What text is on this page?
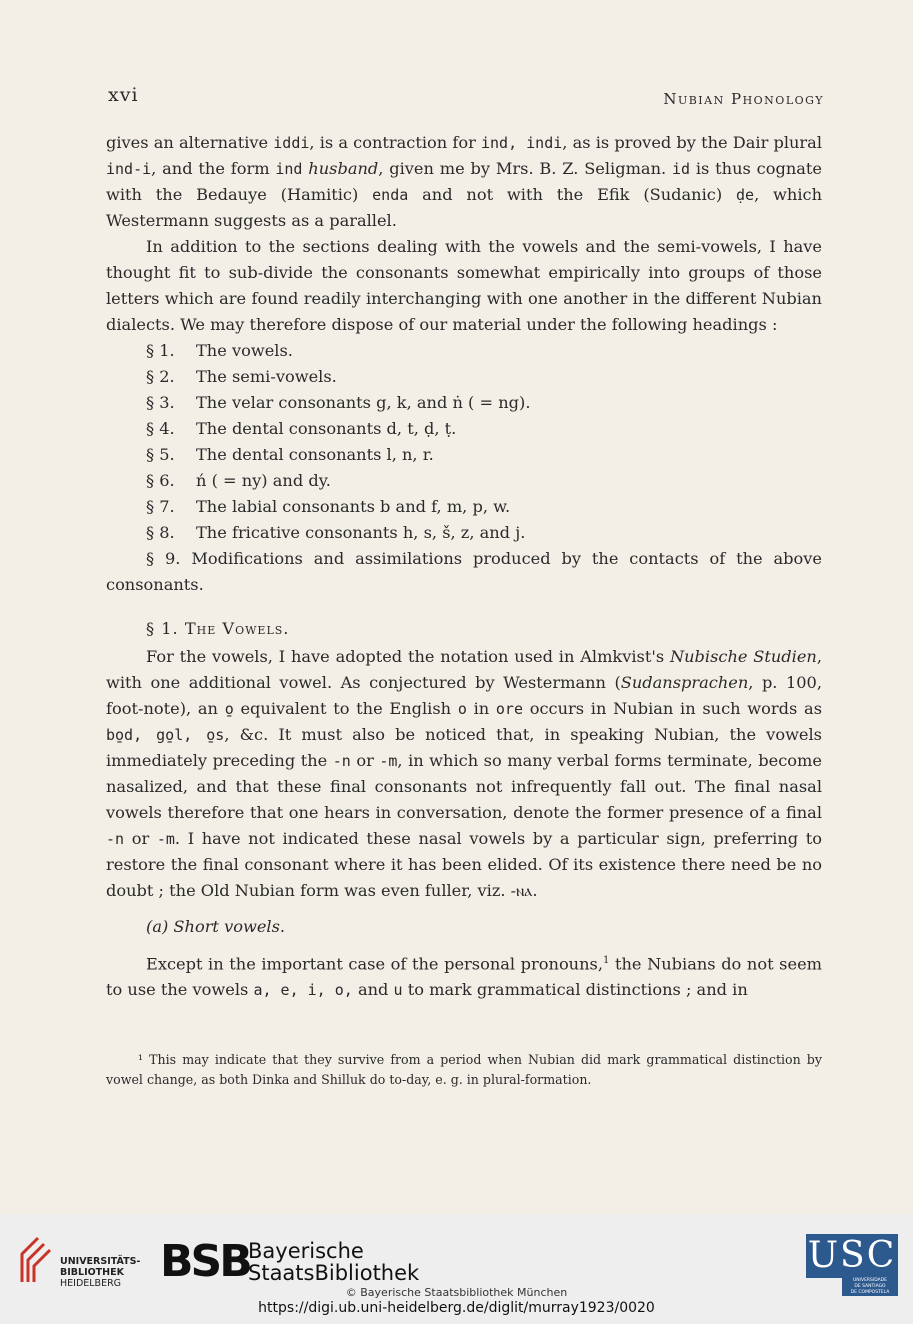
xvi	Nubian Phonology

gives an alternative iddi, is a contraction for ind, indi, as is proved by the Dair plural ind-i, and the form ind husband, given me by Mrs. B. Z. Seligman. id is thus cognate with the Bedauye (Hamitic) enda and not with the Efik (Sudanic) ḍe, which Westermann suggests as a parallel.

In addition to the sections dealing with the vowels and the semi-vowels, I have thought fit to sub-divide the consonants somewhat empirically into groups of those letters which are found readily interchanging with one another in the different Nubian dialects. We may therefore dispose of our material under the following headings :

§ 1. The vowels.
§ 2. The semi-vowels.
§ 3. The velar consonants g, k, and ṅ ( = ng).
§ 4. The dental consonants d, t, ḍ, ṭ.
§ 5. The dental consonants l, n, r.
§ 6. ń ( = ny) and dy.
§ 7. The labial consonants b and f, m, p, w.
§ 8. The fricative consonants h, s, š, z, and j.

§ 9. Modifications and assimilations produced by the contacts of the above consonants.

§ 1. The Vowels.

For the vowels, I have adopted the notation used in Almkvist's Nubische Studien, with one additional vowel. As conjectured by Westermann (Sudansprachen, p. 100, foot-note), an o̱ equivalent to the English o in ore occurs in Nubian in such words as bo̱d, go̱l, o̱s, &c. It must also be noticed that, in speaking Nubian, the vowels immediately preceding the -n or -m, in which so many verbal forms terminate, become nasalized, and that these final consonants not infrequently fall out. The final nasal vowels therefore that one hears in conversation, denote the former presence of a final -n or -m. I have not indicated these nasal vowels by a particular sign, preferring to restore the final consonant where it has been elided. Of its existence there need be no doubt ; the Old Nubian form was even fuller, viz. -ⲛⲁ.

(a) Short vowels.

Except in the important case of the personal pronouns,$^1$ the Nubians do not seem to use the vowels a, e, i, o, and u to mark grammatical distinctions ; and in

¹ This may indicate that they survive from a period when Nubian did mark grammatical distinction by vowel change, as both Dinka and Shilluk do to-day, e. g. in plural-formation.

UNIVERSITÄTS-
BIBLIOTHEK
HEIDELBERG BSB
Bayerische
StaatsBibliothek	USC
UNIVERSIDADE
DE SANTIAGO
DE COMPOSTELA
© Bayerische Staatsbibliothek München
https://digi.ub.uni-heidelberg.de/diglit/murray1923/0020
